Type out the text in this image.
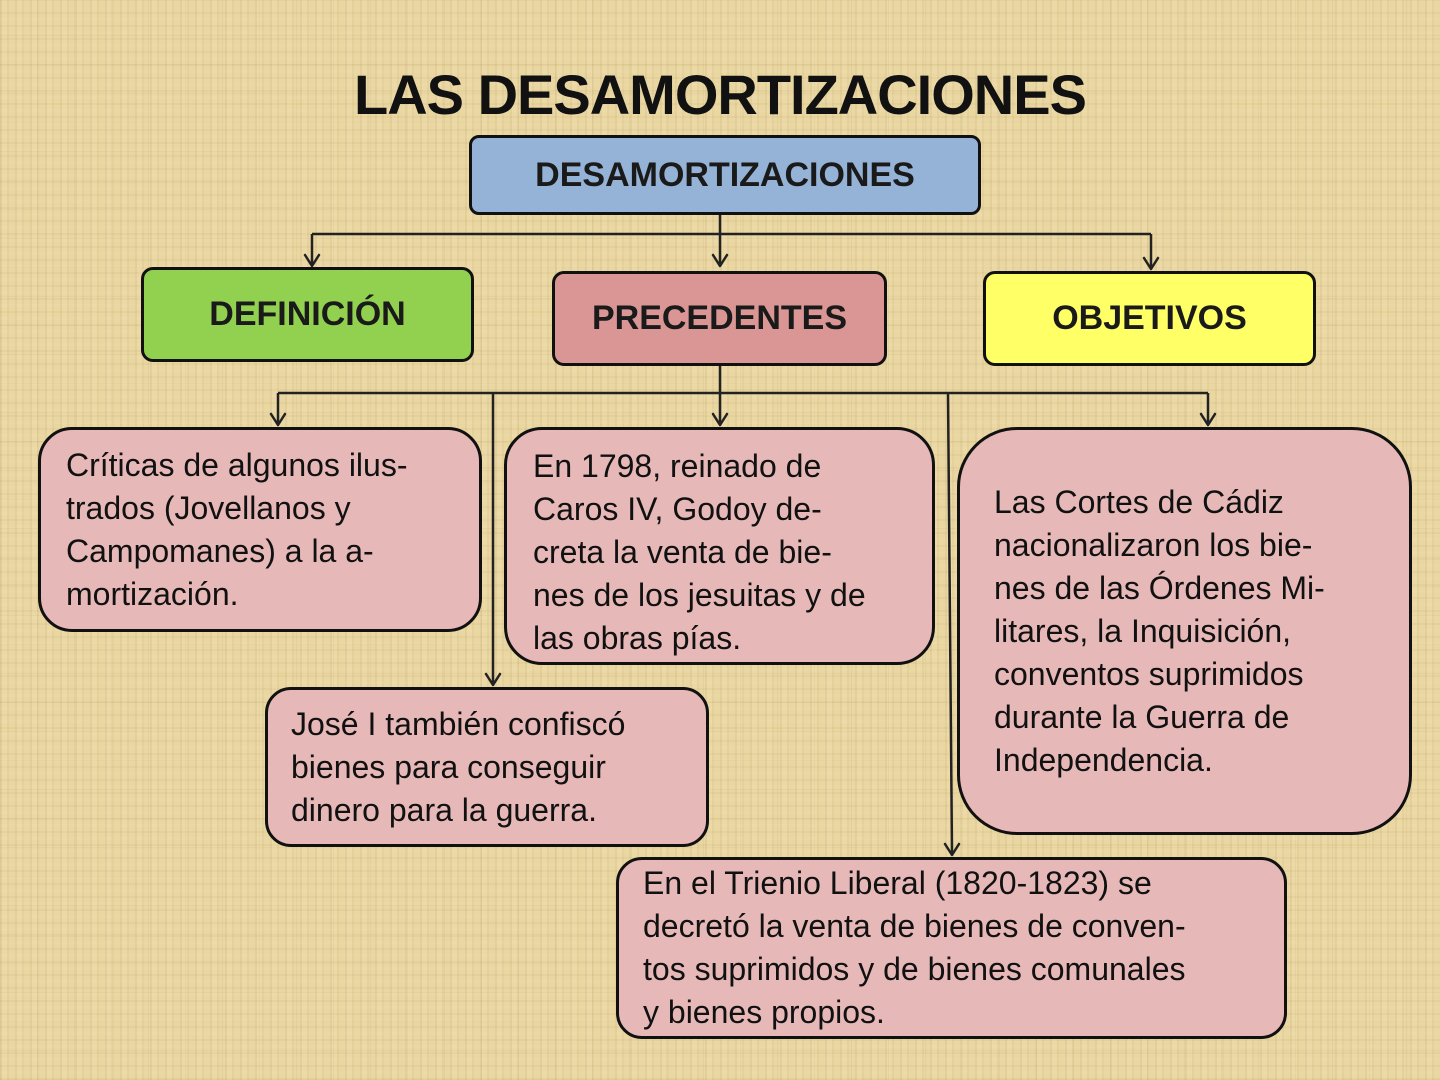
LAS DESAMORTIZACIONES
DESAMORTIZACIONES
DEFINICIÓN	PRECEDENTES	OBJETIVOS
Críticas de algunos ilus-
trados (Jovellanos y
Campomanes) a la a-
mortización.
En 1798, reinado de
Caros IV, Godoy de-
creta la venta de bie-
nes de los jesuitas y de
las obras pías.
Las Cortes de Cádiz
nacionalizaron los bie-
nes de las Órdenes Mi-
litares, la Inquisición,
conventos suprimidos
durante la Guerra de
Independencia.
José I también confiscó
bienes para conseguir
dinero para la guerra.
En el Trienio Liberal (1820-1823) se
decretó la venta de bienes de conven-
tos suprimidos y de bienes comunales
y bienes propios.
